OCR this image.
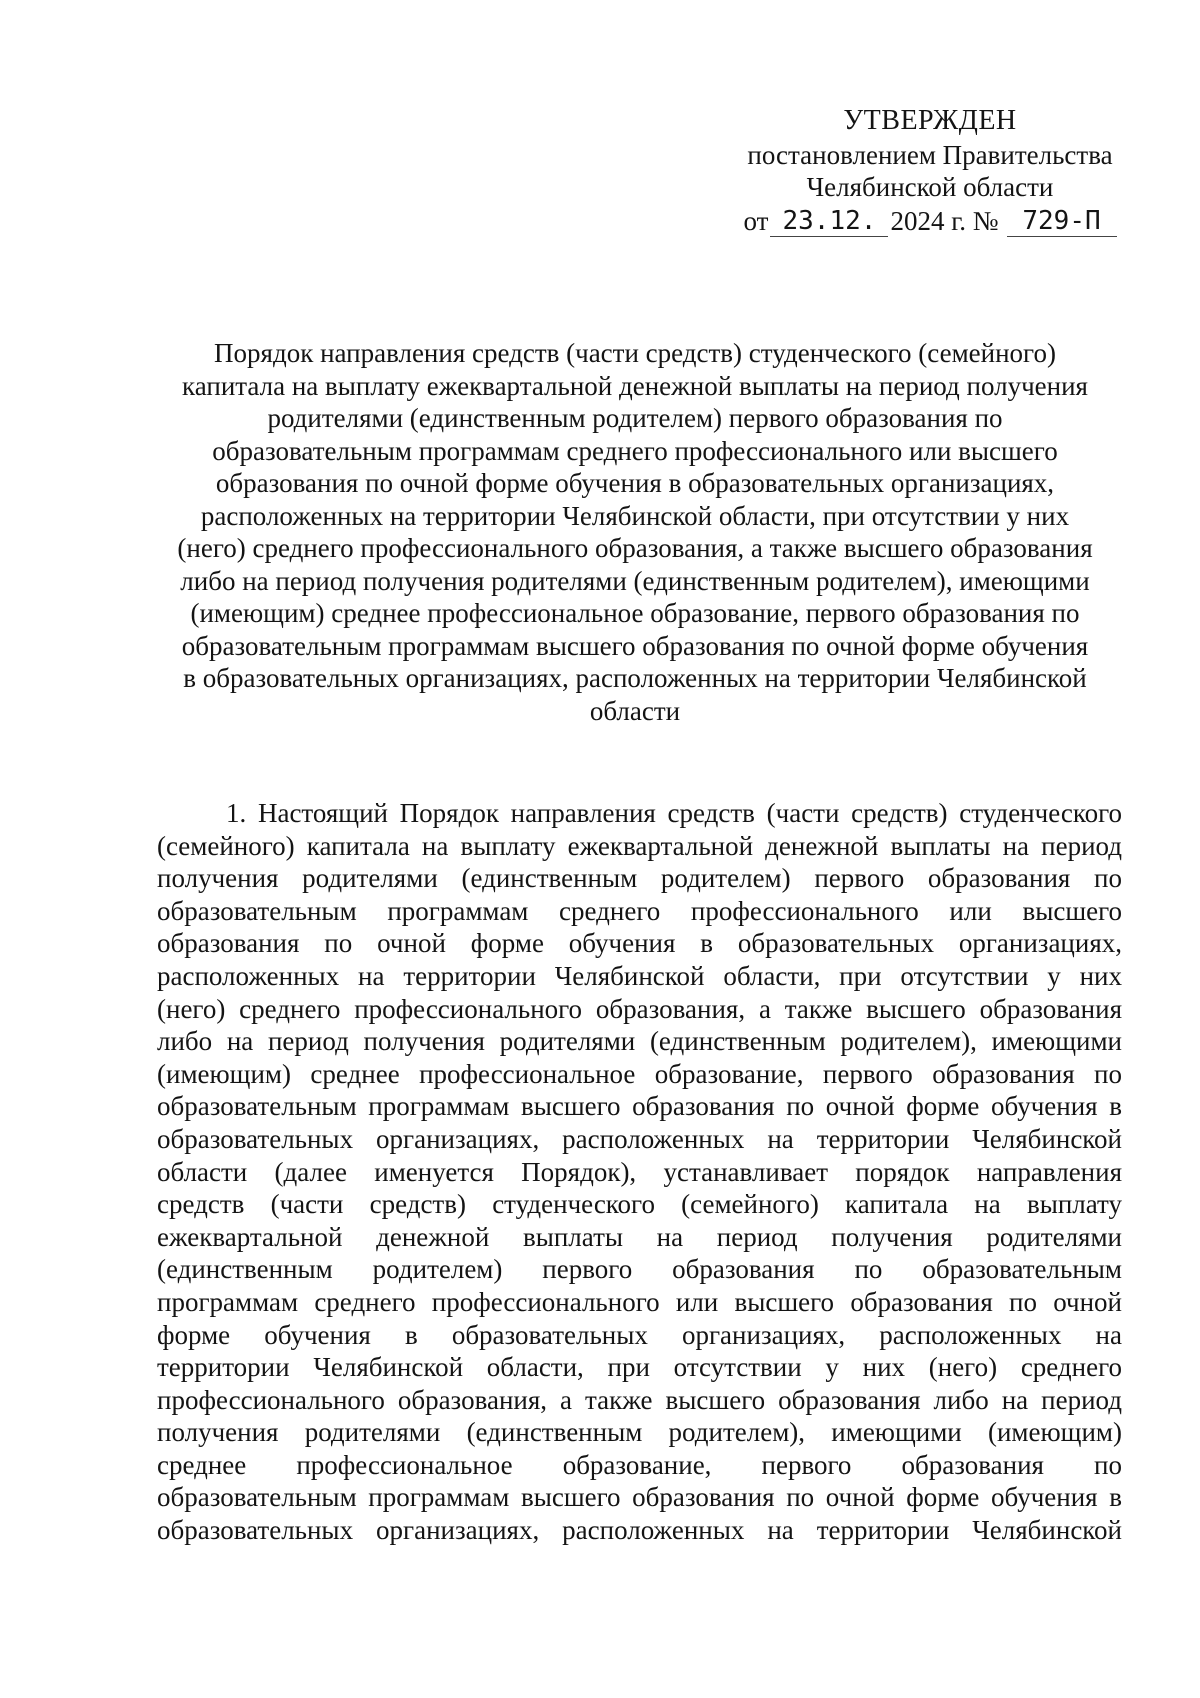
УТВЕРЖДЕН
постановлением Правительства
Челябинской области
от 23.12. 2024 г. № 729-П
Порядок направления средств (части средств) студенческого (семейного)
капитала на выплату ежеквартальной денежной выплаты на период получения
родителями (единственным родителем) первого образования по
образовательным программам среднего профессионального или высшего
образования по очной форме обучения в образовательных организациях,
расположенных на территории Челябинской области, при отсутствии у них
(него) среднего профессионального образования, а также высшего образования
либо на период получения родителями (единственным родителем), имеющими
(имеющим) среднее профессиональное образование, первого образования по
образовательным программам высшего образования по очной форме обучения
в образовательных организациях, расположенных на территории Челябинской
области
1. Настоящий Порядок направления средств (части средств) студенческого
(семейного) капитала на выплату ежеквартальной денежной выплаты на период
получения родителями (единственным родителем) первого образования по
образовательным программам среднего профессионального или высшего
образования по очной форме обучения в образовательных организациях,
расположенных на территории Челябинской области, при отсутствии у них
(него) среднего профессионального образования, а также высшего образования
либо на период получения родителями (единственным родителем), имеющими
(имеющим) среднее профессиональное образование, первого образования по
образовательным программам высшего образования по очной форме обучения в
образовательных организациях, расположенных на территории Челябинской
области (далее именуется Порядок), устанавливает порядок направления
средств (части средств) студенческого (семейного) капитала на выплату
ежеквартальной денежной выплаты на период получения родителями
(единственным родителем) первого образования по образовательным
программам среднего профессионального или высшего образования по очной
форме обучения в образовательных организациях, расположенных на
территории Челябинской области, при отсутствии у них (него) среднего
профессионального образования, а также высшего образования либо на период
получения родителями (единственным родителем), имеющими (имеющим)
среднее профессиональное образование, первого образования по
образовательным программам высшего образования по очной форме обучения в
образовательных организациях, расположенных на территории Челябинской
